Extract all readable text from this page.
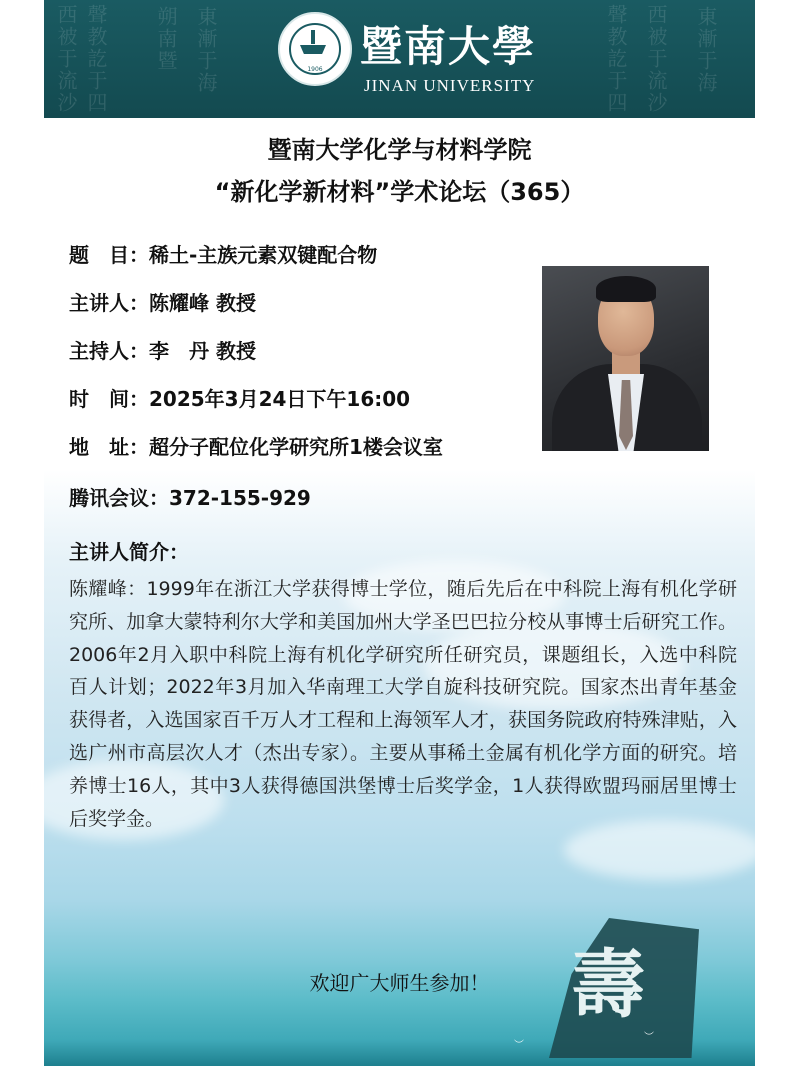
西被于流沙 聲教訖于四 朔南暨 東漸于海	聲教訖于四 西被于流沙 東漸于海
1906 暨南大學
JINAN UNIVERSITY
暨南大学化学与材料学院
“新化学新材料”学术论坛（365）
题　目：稀土-主族元素双键配合物
主讲人：陈耀峰 教授
主持人：李　丹 教授
时　间：2025年3月24日下午16:00
地　址：超分子配位化学研究所1楼会议室
腾讯会议：372-155-929
主讲人简介：
陈耀峰：1999年在浙江大学获得博士学位，随后先后在中科院上海有机化学研究所、加拿大蒙特利尔大学和美国加州大学圣巴巴拉分校从事博士后研究工作。2006年2月入职中科院上海有机化学研究所任研究员，课题组长，入选中科院百人计划；2022年3月加入华南理工大学自旋科技研究院。国家杰出青年基金获得者，入选国家百千万人才工程和上海领军人才，获国务院政府特殊津贴，入选广州市高层次人才（杰出专家）。主要从事稀土金属有机化学方面的研究。培养博士16人，其中3人获得德国洪堡博士后奖学金，1人获得欧盟玛丽居里博士后奖学金。
欢迎广大师生参加！	壽
︶
︶
